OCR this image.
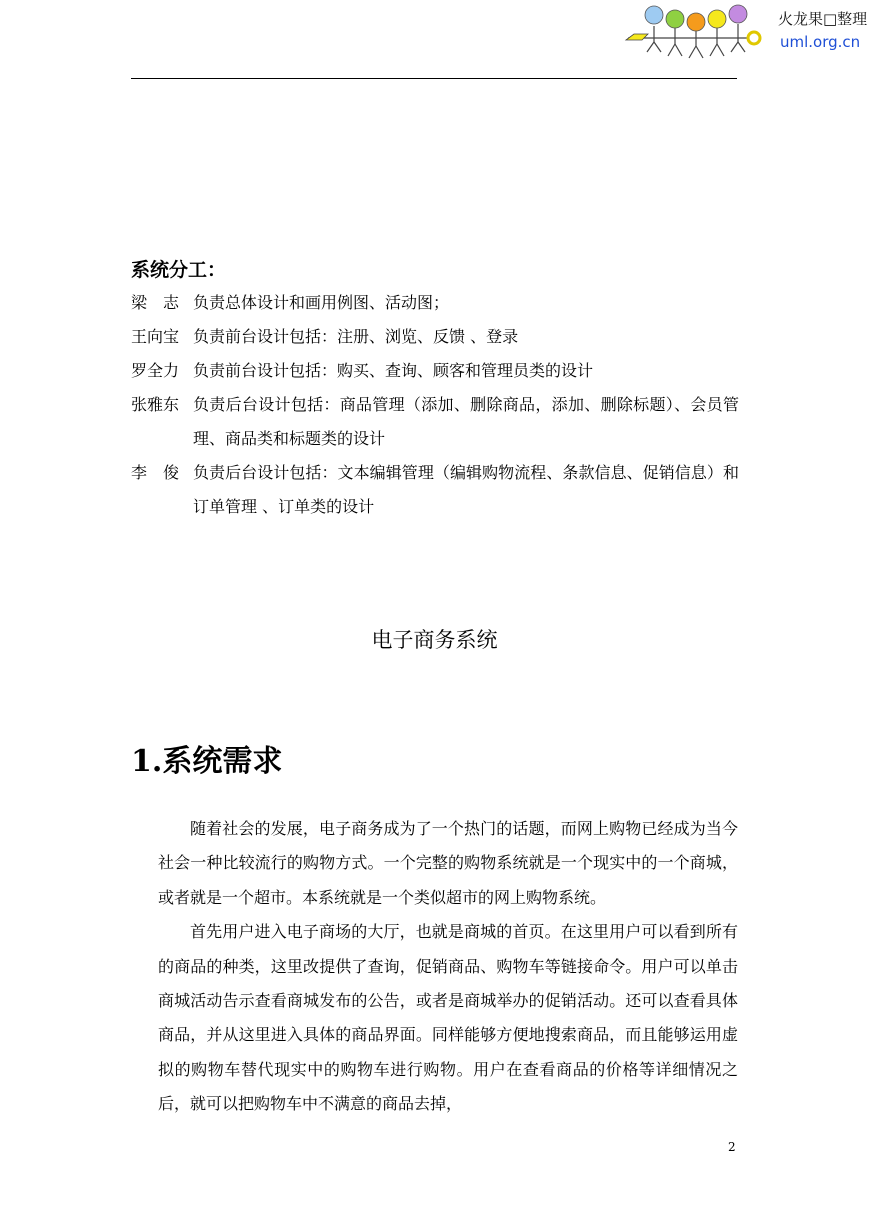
火龙果□整理
uml.org.cn
系统分工：
梁　志 负责总体设计和画用例图、活动图；
王向宝 负责前台设计包括：注册、浏览、反馈 、登录
罗全力 负责前台设计包括：购买、查询、顾客和管理员类的设计
张雅东 负责后台设计包括：商品管理（添加、删除商品，添加、删除标题）、会员管理、商品类和标题类的设计
李　俊 负责后台设计包括：文本编辑管理（编辑购物流程、条款信息、促销信息）和订单管理 、订单类的设计
电子商务系统
1.系统需求

随着社会的发展，电子商务成为了一个热门的话题，而网上购物已经成为当今社会一种比较流行的购物方式。一个完整的购物系统就是一个现实中的一个商城，或者就是一个超市。本系统就是一个类似超市的网上购物系统。

首先用户进入电子商场的大厅，也就是商城的首页。在这里用户可以看到所有的商品的种类，这里改提供了查询，促销商品、购物车等链接命令。用户可以单击商城活动告示查看商城发布的公告，或者是商城举办的促销活动。还可以查看具体商品，并从这里进入具体的商品界面。同样能够方便地搜索商品，而且能够运用虚拟的购物车替代现实中的购物车进行购物。用户在查看商品的价格等详细情况之后，就可以把购物车中不满意的商品去掉，

2
